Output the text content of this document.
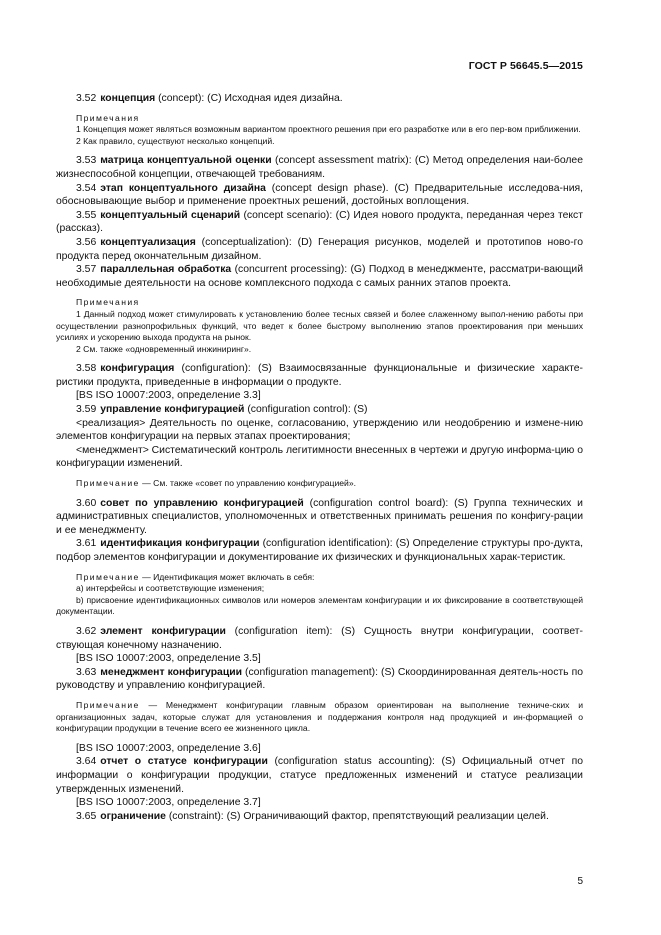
ГОСТ Р 56645.5—2015

3.52 концепция (concept): (C) Исходная идея дизайна.

Примечания

1 Концепция может являться возможным вариантом проектного решения при его разработке или в его пер-вом приближении.

2 Как правило, существуют несколько концепций.

3.53 матрица концептуальной оценки (concept assessment matrix): (C) Метод определения наи-более жизнеспособной концепции, отвечающей требованиям.

3.54 этап концептуального дизайна (concept design phase). (C) Предварительные исследова-ния, обосновывающие выбор и применение проектных решений, достойных воплощения.

3.55 концептуальный сценарий (concept scenario): (C) Идея нового продукта, переданная через текст (рассказ).

3.56 концептуализация (conceptualization): (D) Генерация рисунков, моделей и прототипов ново-го продукта перед окончательным дизайном.

3.57 параллельная обработка (concurrent processing): (G) Подход в менеджменте, рассматри-вающий необходимые деятельности на основе комплексного подхода с самых ранних этапов проекта.

Примечания

1 Данный подход может стимулировать к установлению более тесных связей и более слаженному выпол-нению работы при осуществлении разнопрофильных функций, что ведет к более быстрому выполнению этапов проектирования при меньших усилиях и ускорению выхода продукта на рынок.

2 См. также «одновременный инжиниринг».

3.58 конфигурация (configuration): (S) Взаимосвязанные функциональные и физические характе-ристики продукта, приведенные в информации о продукте.

[BS ISO 10007:2003, определение 3.3]

3.59 управление конфигурацией (configuration control): (S)

<реализация> Деятельность по оценке, согласованию, утверждению или неодобрению и измене-нию элементов конфигурации на первых этапах проектирования;

<менеджмент> Систематический контроль легитимности внесенных в чертежи и другую информа-цию о конфигурации изменений.

Примечание — См. также «совет по управлению конфигурацией».

3.60 совет по управлению конфигурацией (configuration control board): (S) Группа технических и административных специалистов, уполномоченных и ответственных принимать решения по конфигу-рации и ее менеджменту.

3.61 идентификация конфигурации (configuration identification): (S) Определение структуры про-дукта, подбор элементов конфигурации и документирование их физических и функциональных харак-теристик.

Примечание — Идентификация может включать в себя:

a) интерфейсы и соответствующие изменения;

b) присвоение идентификационных символов или номеров элементам конфигурации и их фиксирование в соответствующей документации.

3.62 элемент конфигурации (configuration item): (S) Сущность внутри конфигурации, соответ-ствующая конечному назначению.

[BS ISO 10007:2003, определение 3.5]

3.63 менеджмент конфигурации (configuration management): (S) Скоординированная деятель-ность по руководству и управлению конфигурацией.

Примечание — Менеджмент конфигурации главным образом ориентирован на выполнение техниче-ских и организационных задач, которые служат для установления и поддержания контроля над продукцией и ин-формацией о конфигурации продукции в течение всего ее жизненного цикла.

[BS ISO 10007:2003, определение 3.6]

3.64 отчет о статусе конфигурации (configuration status accounting): (S) Официальный отчет по информации о конфигурации продукции, статусе предложенных изменений и статусе реализации утвержденных изменений.

[BS ISO 10007:2003, определение 3.7]

3.65 ограничение (constraint): (S) Ограничивающий фактор, препятствующий реализации целей.

5
